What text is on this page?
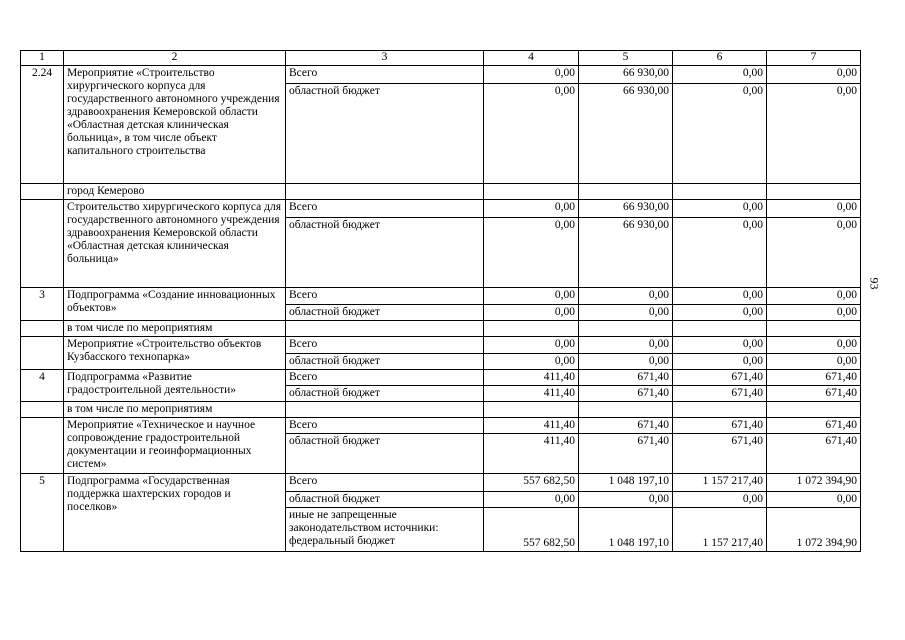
93
1	2	3	4	5	6	7
2.24	Мероприятие «Строительство хирургического корпуса для государственного автономного учреждения здравоохранения Кемеровской области «Областная детская клиническая больница», в том числе объект капитального строительства	Всего	0,00	66 930,00	0,00	0,00
		областной бюджет	0,00	66 930,00	0,00	0,00
	город Кемерово					
	Строительство хирургического корпуса для государственного автономного учреждения здравоохранения Кемеровской области «Областная детская клиническая больница»	Всего	0,00	66 930,00	0,00	0,00
		областной бюджет	0,00	66 930,00	0,00	0,00
3	Подпрограмма «Создание инновационных объектов»	Всего	0,00	0,00	0,00	0,00
		областной бюджет	0,00	0,00	0,00	0,00
	в том числе по мероприятиям					
	Мероприятие «Строительство объектов Кузбасского технопарка»	Всего	0,00	0,00	0,00	0,00
		областной бюджет	0,00	0,00	0,00	0,00
4	Подпрограмма «Развитие градостроительной деятельности»	Всего	411,40	671,40	671,40	671,40
		областной бюджет	411,40	671,40	671,40	671,40
	в том числе по мероприятиям					
	Мероприятие «Техническое и научное сопровождение градостроительной документации и геоинформационных систем»	Всего	411,40	671,40	671,40	671,40
		областной бюджет	411,40	671,40	671,40	671,40
5	Подпрограмма «Государственная поддержка шахтерских городов и поселков»	Всего	557 682,50	1 048 197,10	1 157 217,40	1 072 394,90
		областной бюджет	0,00	0,00	0,00	0,00
		иные не запрещенные законодательством источники: федеральный бюджет	557 682,50	1 048 197,10	1 157 217,40	1 072 394,90
